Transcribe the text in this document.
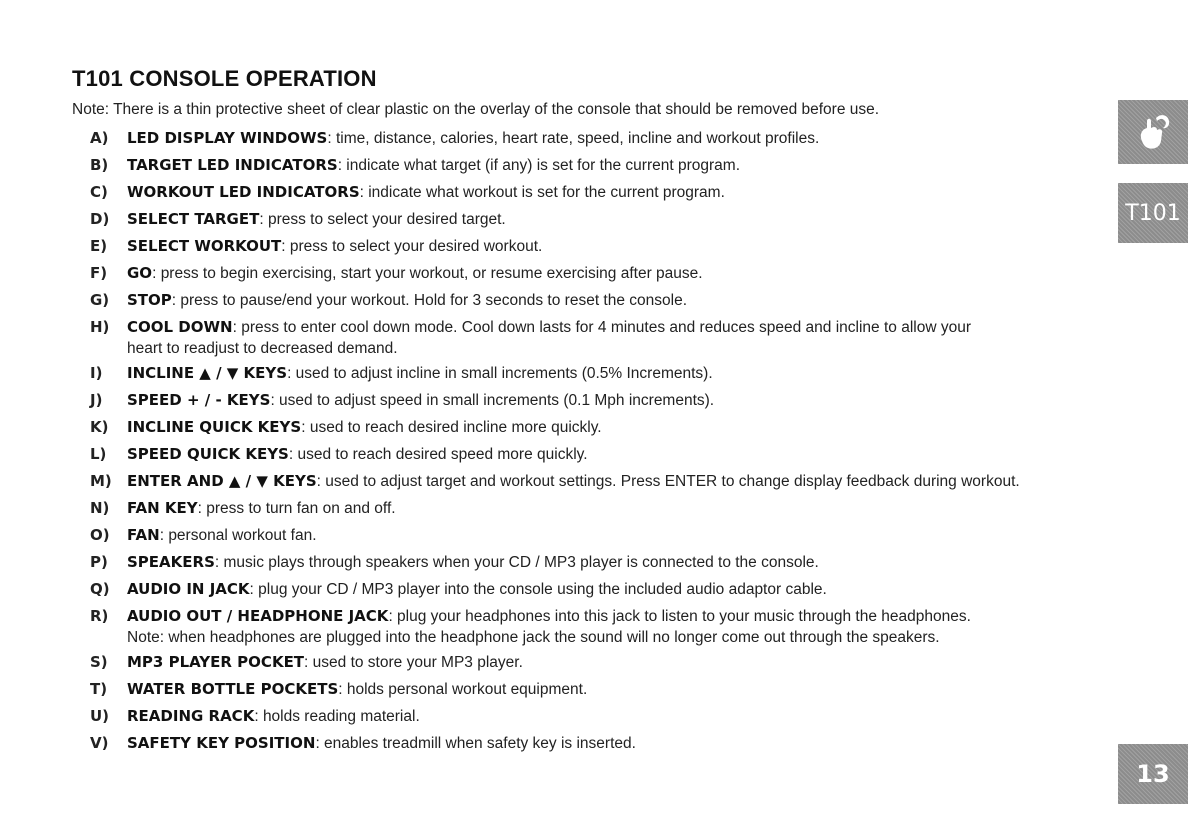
T101 CONSOLE OPERATION
Note: There is a thin protective sheet of clear plastic on the overlay of the console that should be removed before use.
A)	LED DISPLAY WINDOWS: time, distance, calories, heart rate, speed, incline and workout profiles.
B)	TARGET LED INDICATORS: indicate what target (if any) is set for the current program.
C)	WORKOUT LED INDICATORS: indicate what workout is set for the current program.
D)	SELECT TARGET: press to select your desired target.
E)	SELECT WORKOUT: press to select your desired workout.
F)	GO: press to begin exercising, start your workout, or resume exercising after pause.
G)	STOP: press to pause/end your workout. Hold for 3 seconds to reset the console.
H)	COOL DOWN: press to enter cool down mode. Cool down lasts for 4 minutes and reduces speed and incline to allow your
heart to readjust to decreased demand.
I)	INCLINE ▲ / ▼ KEYS: used to adjust incline in small increments (0.5% Increments).
J)	SPEED + / - KEYS: used to adjust speed in small increments (0.1 Mph increments).
K)	INCLINE QUICK KEYS: used to reach desired incline more quickly.
L)	SPEED QUICK KEYS: used to reach desired speed more quickly.
M)	ENTER AND ▲ / ▼ KEYS: used to adjust target and workout settings. Press ENTER to change display feedback during workout.
N)	FAN KEY: press to turn fan on and off.
O)	FAN: personal workout fan.
P)	SPEAKERS: music plays through speakers when your CD / MP3 player is connected to the console.
Q)	AUDIO IN JACK: plug your CD / MP3 player into the console using the included audio adaptor cable.
R)	AUDIO OUT / HEADPHONE JACK: plug your headphones into this jack to listen to your music through the headphones.
Note: when headphones are plugged into the headphone jack the sound will no longer come out through the speakers.
S)	MP3 PLAYER POCKET: used to store your MP3 player.
T)	WATER BOTTLE POCKETS: holds personal workout equipment.
U)	READING RACK: holds reading material.
V)	SAFETY KEY POSITION: enables treadmill when safety key is inserted.
T101
13
